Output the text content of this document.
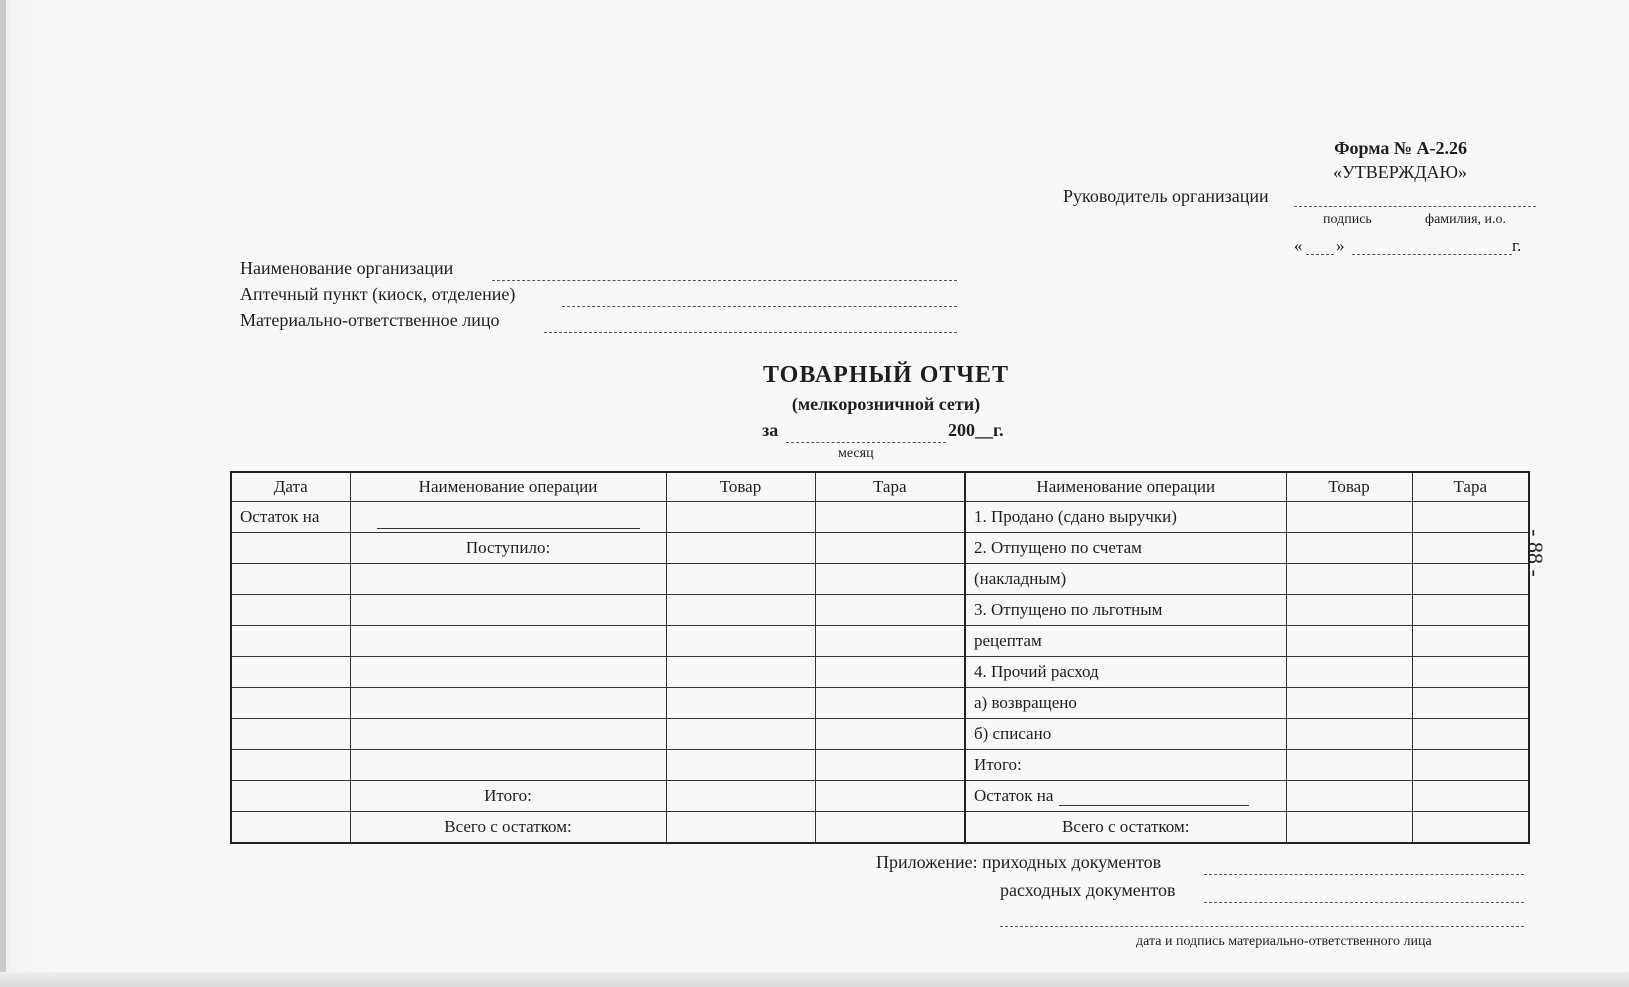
Форма № А-2.26
«УТВЕРЖДАЮ»
Руководитель организации
подпись	фамилия, и.о.
« »	г.
Наименование организации
Аптечный пункт (киоск, отделение)
Материально-ответственное лицо
ТОВАРНЫЙ ОТЧЕТ
(мелкорозничной сети)
за	200__г.
месяц
Дата	Наименование операции	Товар	Тара	Наименование операции	Товар	Тара
Остаток на				1. Продано (сдано выручки)		
	Поступило:			2. Отпущено по счетам		
				(накладным)		
				3. Отпущено по льготным		
				рецептам		
				4. Прочий расход		
				а) возвращено		
				б) списано		
				Итого:		
	Итого:			Остаток на		
	Всего с остатком:			Всего с остатком:		
Приложение: приходных документов
расходных документов
дата и подпись материально-ответственного лица
- 88 -
